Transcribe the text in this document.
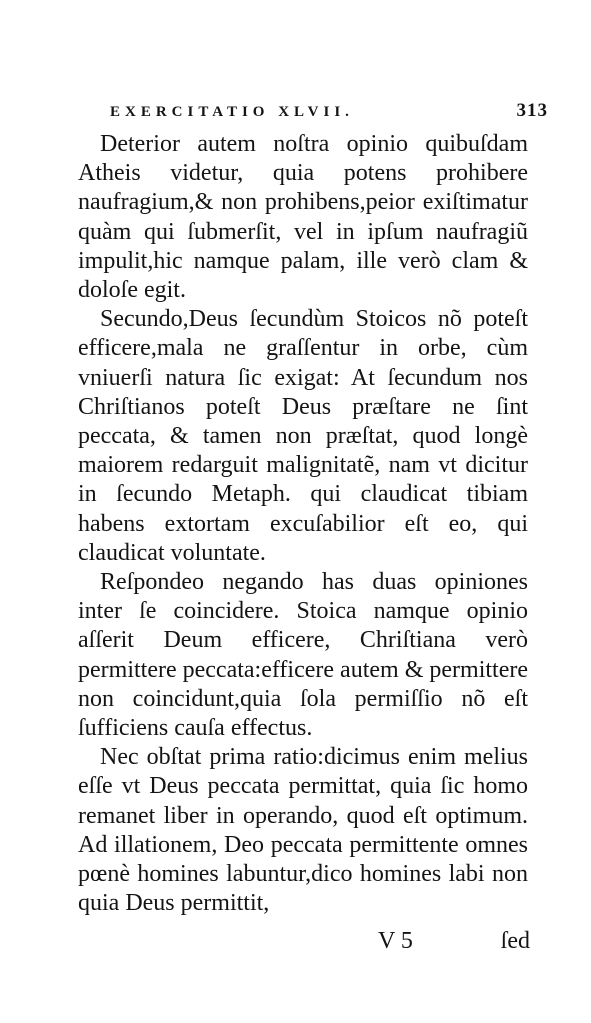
EXERCITATIO XLVII.	313

Deterior autem noſtra opinio quibuſdam Atheis videtur, quia potens prohibere naufragium,& non prohibens,peior exiſtimatur quàm qui ſubmerſit, vel in ipſum naufragiũ impulit,hic namque palam, ille verò clam & doloſe egit.

Secundo,Deus ſecundùm Stoicos nõ poteſt efficere,mala ne graſſentur in orbe, cùm vniuerſi natura ſic exigat: At ſecundum nos Chriſtianos poteſt Deus præſtare ne ſint peccata, & tamen non præſtat, quod longè maiorem redarguit malignitatẽ, nam vt dicitur in ſecundo Metaph. qui claudicat tibiam habens extortam excuſabilior eſt eo, qui claudicat voluntate.

Reſpondeo negando has duas opiniones inter ſe coincidere. Stoica namque opinio aſſerit Deum efficere, Chriſtiana verò permittere peccata:efficere autem & permittere non coincidunt,quia ſola permiſſio nõ eſt ſufficiens cauſa effectus.

Nec obſtat prima ratio:dicimus enim melius eſſe vt Deus peccata permittat, quia ſic homo remanet liber in operando, quod eſt optimum. Ad illationem, Deo peccata permittente omnes pœnè homines labuntur,dico homines labi non quia Deus permittit,

V 5	ſed
